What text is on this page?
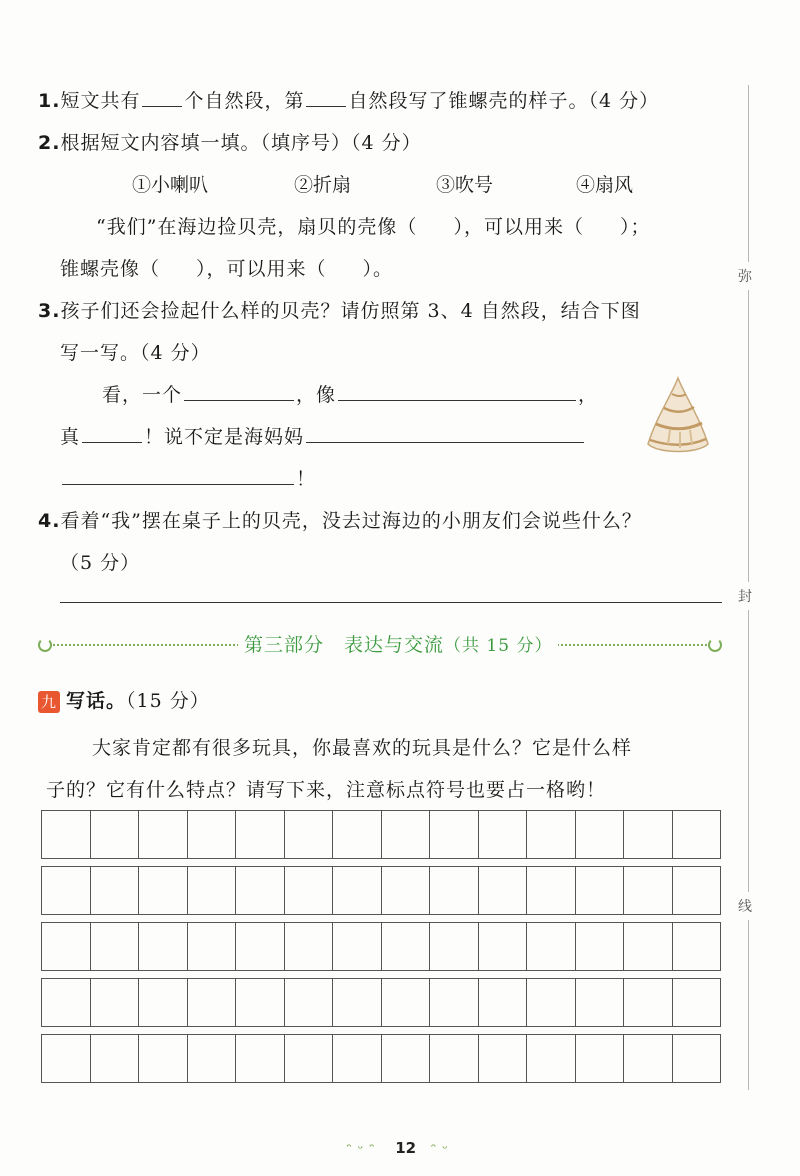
1.短文共有 个自然段，第 自然段写了锥螺壳的样子。（4 分）
2.根据短文内容填一填。（填序号）（4 分）
①小喇叭	②折扇	③吹号	④扇风
“我们”在海边捡贝壳，扇贝的壳像（ ），可以用来（ ）；
锥螺壳像（ ），可以用来（ ）。
3.孩子们还会捡起什么样的贝壳？请仿照第 3、4 自然段，结合下图
写一写。（4 分）
看，一个	，像	，
真	！说不定是海妈妈
！
4.看着“我”摆在桌子上的贝壳，没去过海边的小朋友们会说些什么？
（5 分）
第三部分　表达与交流（共 15 分）
九 写话。（15 分）
大家肯定都有很多玩具，你最喜欢的玩具是什么？它是什么样
子的？它有什么特点？请写下来，注意标点符号也要占一格哟！
弥
封
线
ᵔᵕᵔ 12 ᵔᵕ
